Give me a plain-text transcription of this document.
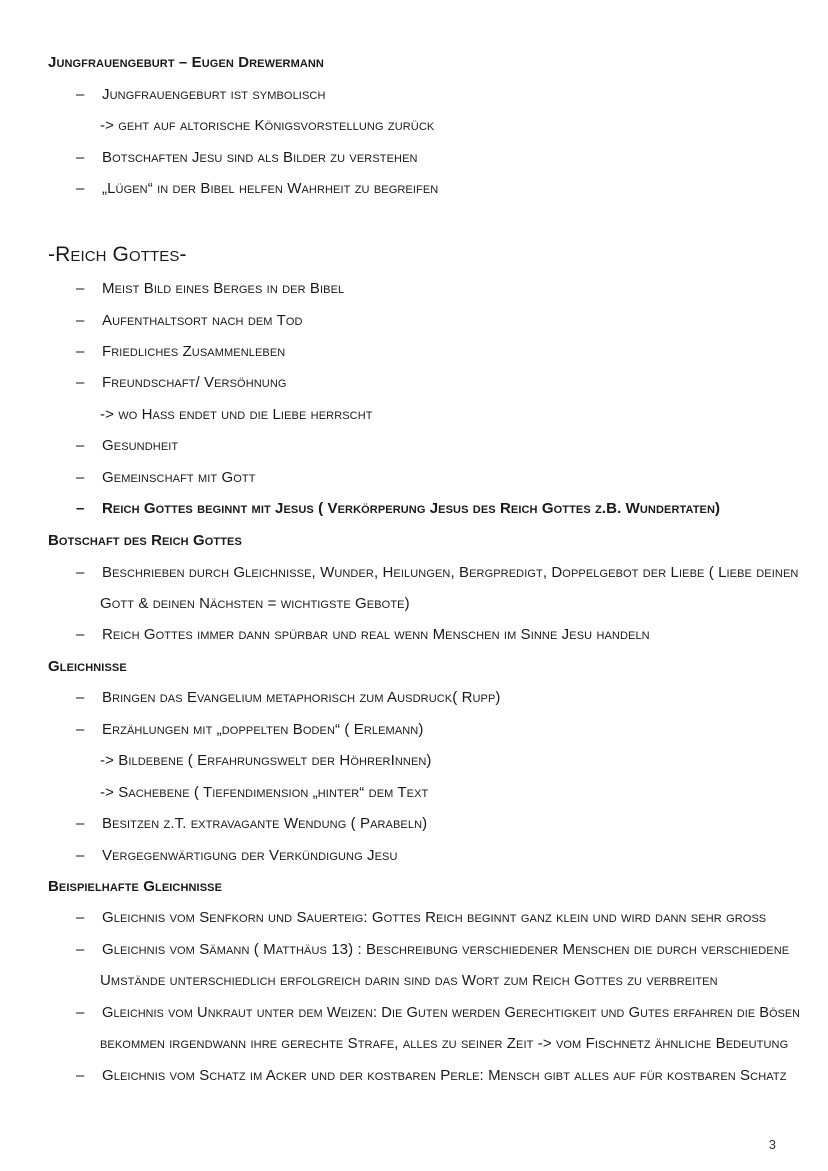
Jungfrauengeburt – Eugen Drewermann
–	Jungfrauengeburt ist symbolisch
-> geht auf altorische Königsvorstellung zurück
–	Botschaften Jesu sind als Bilder zu verstehen
–	„Lügen“ in der Bibel helfen Wahrheit zu begreifen
-Reich Gottes-
–	Meist Bild eines Berges in der Bibel
–	Aufenthaltsort nach dem Tod
–	Friedliches Zusammenleben
–	Freundschaft/ Versöhnung
-> wo Hass endet und die Liebe herrscht
–	Gesundheit
–	Gemeinschaft mit Gott
–	Reich Gottes beginnt mit Jesus ( Verkörperung Jesus des Reich Gottes z.B. Wundertaten)
Botschaft des Reich Gottes
–	Beschrieben durch Gleichnisse, Wunder, Heilungen, Bergpredigt, Doppelgebot der Liebe ( Liebe deinen
Gott & deinen Nächsten = wichtigste Gebote)
–	Reich Gottes immer dann spürbar und real wenn Menschen im Sinne Jesu handeln
Gleichnisse
–	Bringen das Evangelium metaphorisch zum Ausdruck( Rupp)
–	Erzählungen mit „doppelten Boden“ ( Erlemann)
-> Bildebene ( Erfahrungswelt der HöhrerInnen)
-> Sachebene ( Tiefendimension „hinter“ dem Text
–	Besitzen z.T. extravagante Wendung ( Parabeln)
–	Vergegenwärtigung der Verkündigung Jesu
Beispielhafte Gleichnisse
–	Gleichnis vom Senfkorn und Sauerteig: Gottes Reich beginnt ganz klein und wird dann sehr groß
–	Gleichnis vom Sämann ( Matthäus 13) : Beschreibung verschiedener Menschen die durch verschiedene
Umstände unterschiedlich erfolgreich darin sind das Wort zum Reich Gottes zu verbreiten
–	Gleichnis vom Unkraut unter dem Weizen: Die Guten werden Gerechtigkeit und Gutes erfahren die Bösen
bekommen irgendwann ihre gerechte Strafe, alles zu seiner Zeit -> vom Fischnetz ähnliche Bedeutung
–	Gleichnis vom Schatz im Acker und der kostbaren Perle: Mensch gibt alles auf für kostbaren Schatz
3
